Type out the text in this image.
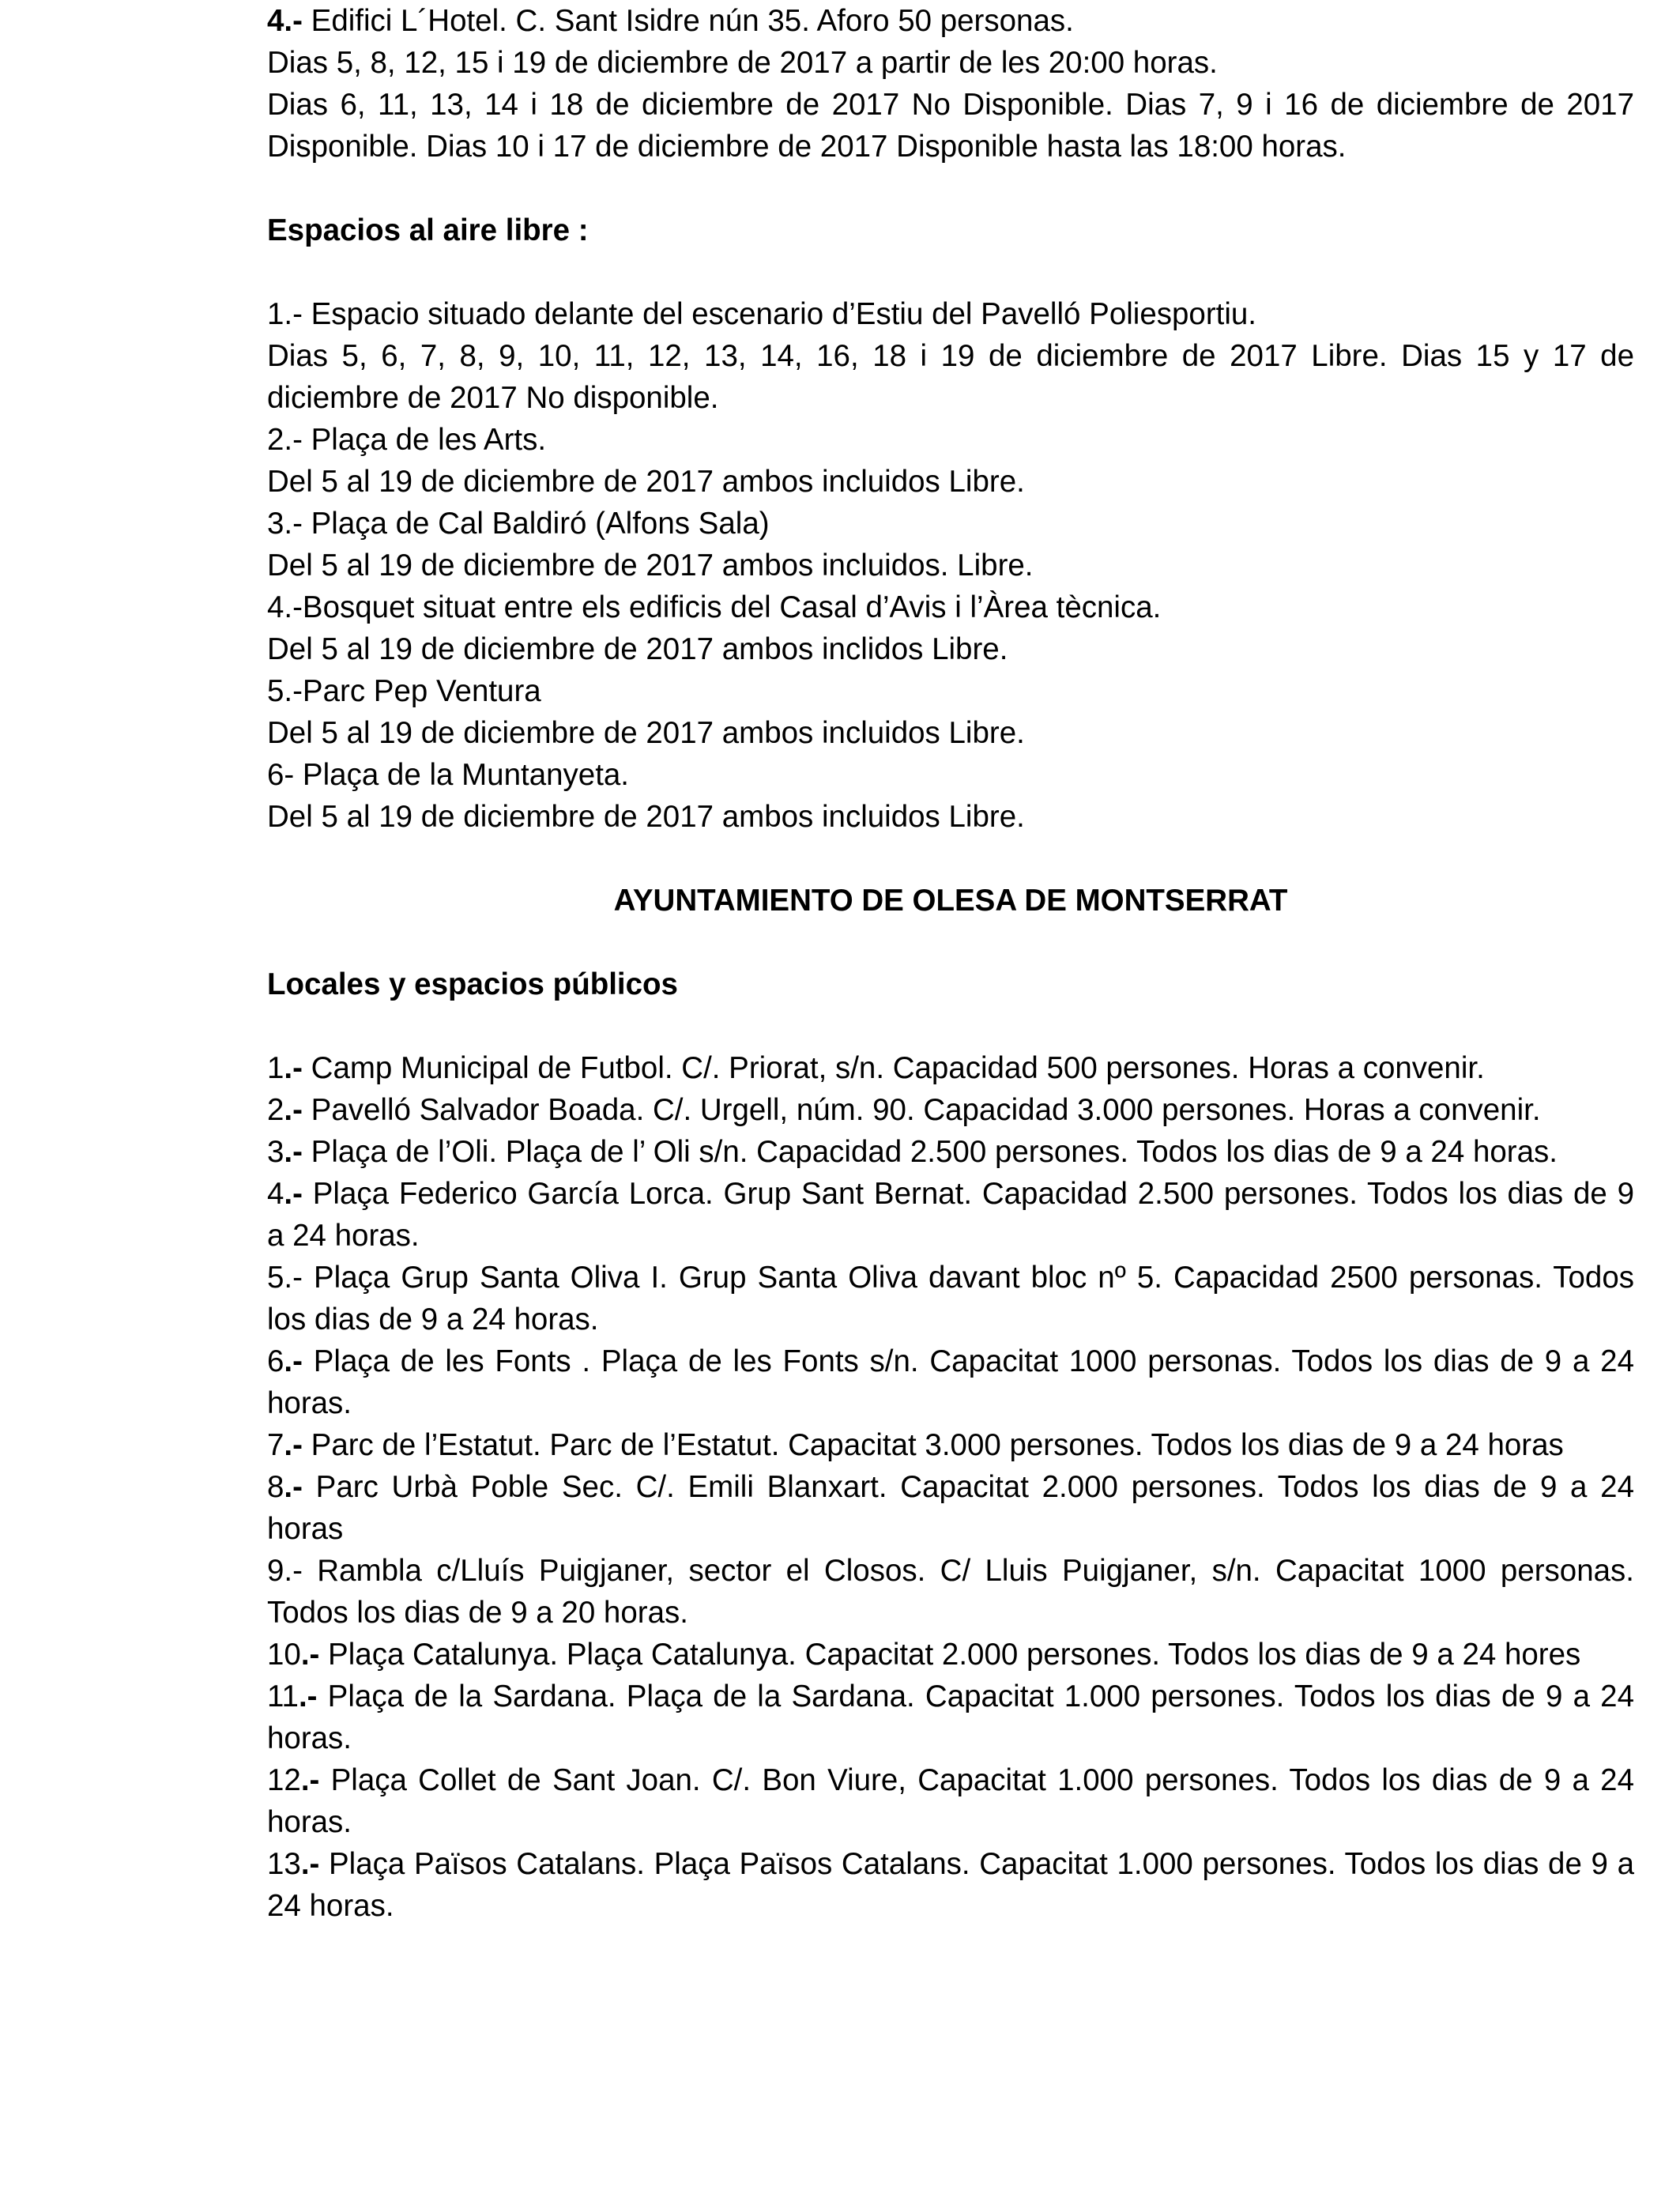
4.- Edifici L´Hotel. C. Sant Isidre nún 35. Aforo 50 personas.

Dias 5, 8, 12, 15 i 19 de diciembre de 2017 a partir de les 20:00 horas.

Dias 6, 11, 13, 14 i 18 de diciembre de 2017 No Disponible. Dias 7, 9 i 16 de diciembre de 2017 Disponible. Dias 10 i 17 de diciembre de 2017 Disponible hasta las 18:00 horas.

Espacios al aire libre :

1.- Espacio situado delante del escenario d’Estiu del Pavelló Poliesportiu.

Dias 5, 6, 7, 8, 9, 10, 11, 12, 13, 14, 16, 18 i 19 de diciembre de 2017 Libre. Dias 15 y 17 de diciembre de 2017 No disponible.

2.- Plaça de les Arts.

Del 5 al 19 de diciembre de 2017 ambos incluidos Libre.

3.- Plaça de Cal Baldiró (Alfons Sala)

Del 5 al 19 de diciembre de 2017 ambos incluidos. Libre.

4.-Bosquet situat entre els edificis del Casal d’Avis i l’Àrea tècnica.

Del 5 al 19 de diciembre de 2017 ambos inclidos Libre.

5.-Parc Pep Ventura

Del 5 al 19 de diciembre de 2017 ambos incluidos Libre.

6- Plaça de la Muntanyeta.

Del 5 al 19 de diciembre de 2017 ambos incluidos Libre.

AYUNTAMIENTO DE OLESA DE MONTSERRAT

Locales y espacios públicos

1.- Camp Municipal de Futbol. C/. Priorat, s/n. Capacidad 500 persones. Horas a convenir.

2.- Pavelló Salvador Boada. C/. Urgell, núm. 90. Capacidad 3.000 persones. Horas a convenir.

3.- Plaça de l’Oli. Plaça de l’ Oli s/n. Capacidad 2.500 persones. Todos los dias de 9 a 24 horas.

4.- Plaça Federico García Lorca. Grup Sant Bernat. Capacidad 2.500 persones. Todos los dias de 9 a 24 horas.

5.- Plaça Grup Santa Oliva I. Grup Santa Oliva davant bloc nº 5. Capacidad 2500 personas. Todos los dias de 9 a 24 horas.

6.- Plaça de les Fonts . Plaça de les Fonts s/n. Capacitat 1000 personas. Todos los dias de 9 a 24 horas.

7.- Parc de l’Estatut. Parc de l’Estatut. Capacitat 3.000 persones. Todos los dias de 9 a 24 horas

8.- Parc Urbà Poble Sec. C/. Emili Blanxart. Capacitat 2.000 persones. Todos los dias de 9 a 24 horas

9.- Rambla c/Lluís Puigjaner, sector el Closos. C/ Lluis Puigjaner, s/n. Capacitat 1000 personas. Todos los dias de 9 a 20 horas.

10.- Plaça Catalunya. Plaça Catalunya. Capacitat 2.000 persones. Todos los dias de 9 a 24 hores

11.- Plaça de la Sardana. Plaça de la Sardana. Capacitat 1.000 persones. Todos los dias de 9 a 24 horas.

12.- Plaça Collet de Sant Joan. C/. Bon Viure, Capacitat 1.000 persones. Todos los dias de 9 a 24 horas.

13.- Plaça Països Catalans. Plaça Països Catalans. Capacitat 1.000 persones. Todos los dias de 9 a 24 horas.
